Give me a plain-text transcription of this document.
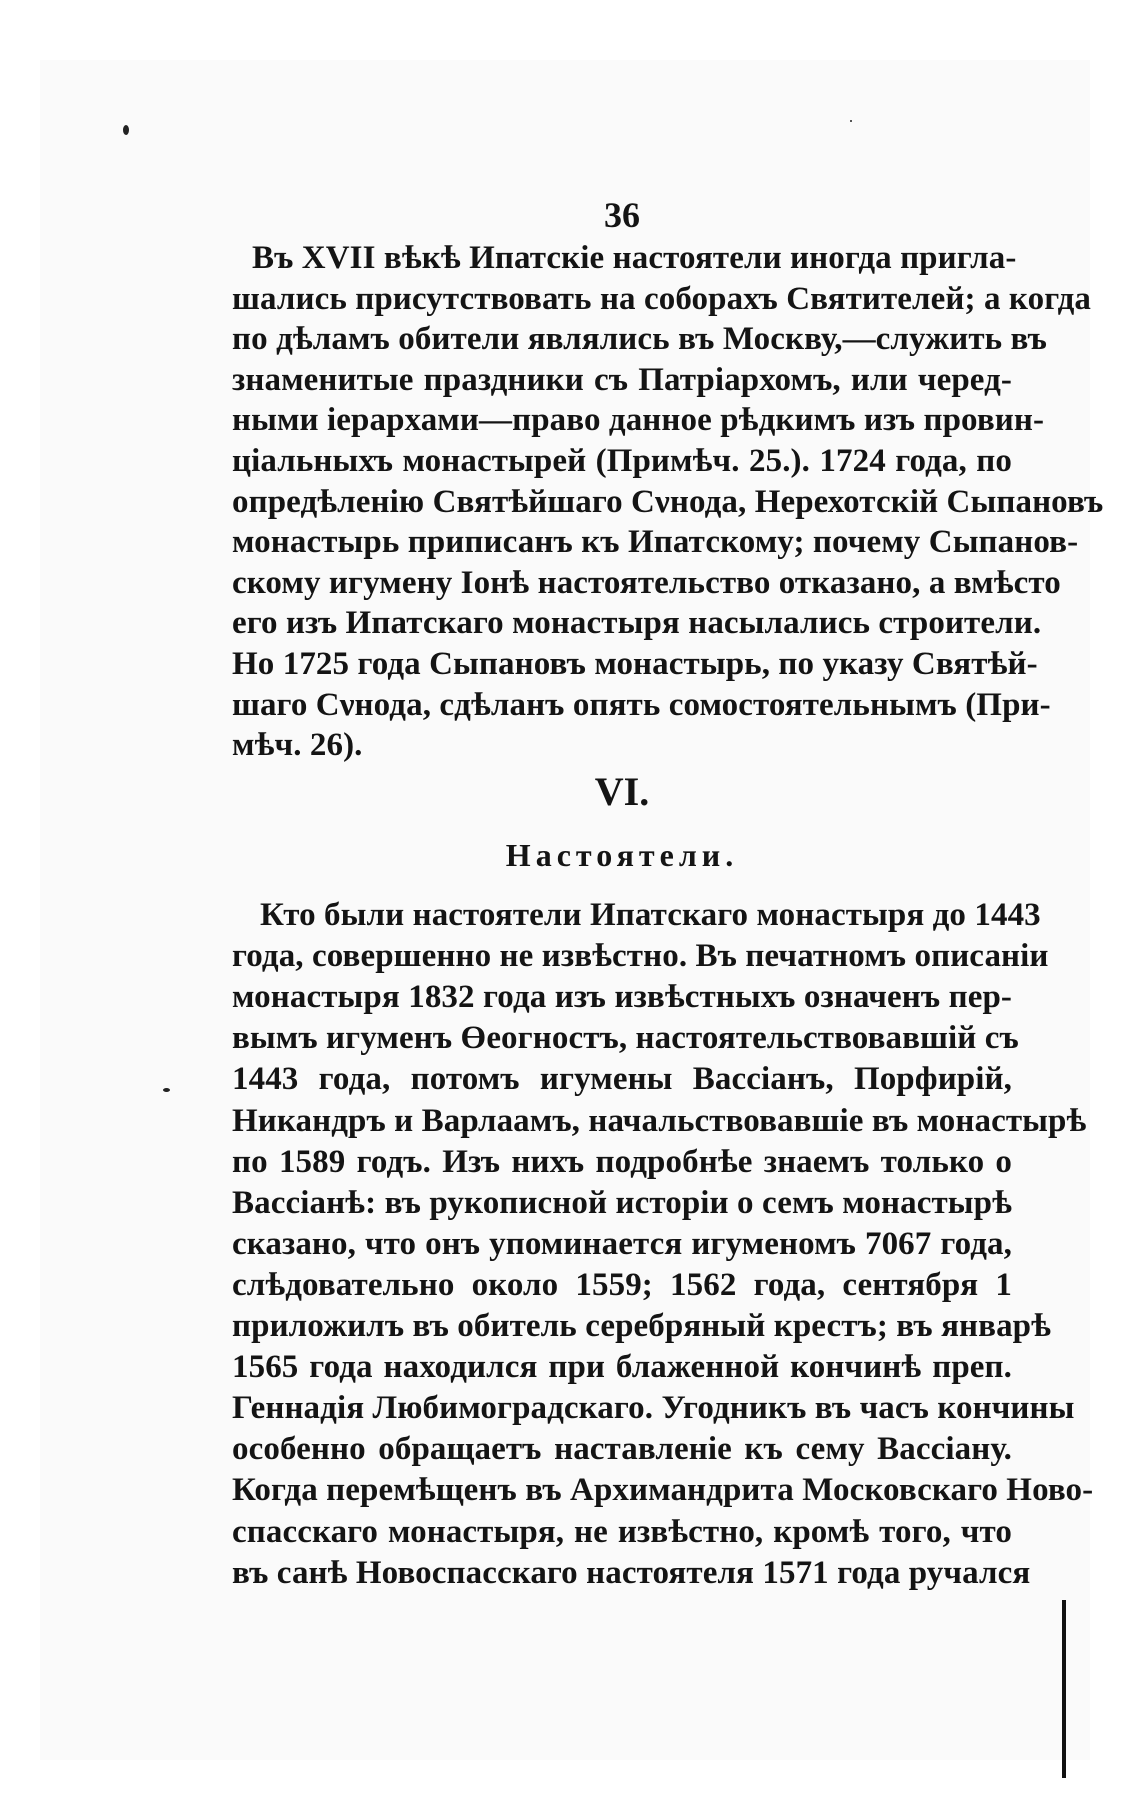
36
Въ XVII вѣкѣ Ипатскіе настоятели иногда пригла-
шались присутствовать на соборахъ Святителей; а когда
по дѣламъ обители являлись въ Москву,—служить въ
знаменитые праздники съ Патріархомъ, или черед-
ными іерархами—право данное рѣдкимъ изъ провин-
ціальныхъ монастырей (Примѣч. 25.). 1724 года, по
опредѣленію Святѣйшаго Сνнода, Нерехотскій Сыпановъ
монастырь приписанъ къ Ипатскому; почему Сыпанов-
скому игумену Іонѣ настоятельство отказано, а вмѣсто
его изъ Ипатскаго монастыря насылались строители.
Но 1725 года Сыпановъ монастырь, по указу Святѣй-
шаго Сνнода, сдѣланъ опять сомостоятельнымъ (При-
мѣч. 26).
VI.
Настоятели.
Кто были настоятели Ипатскаго монастыря до 1443
года, совершенно не извѣстно. Въ печатномъ описаніи
монастыря 1832 года изъ извѣстныхъ означенъ пер-
вымъ игуменъ Өеогностъ, настоятельствовавшій съ
1443 года, потомъ игумены Вассіанъ, Порфирій,
Никандръ и Варлаамъ, начальствовавшіе въ монастырѣ
по 1589 годъ. Изъ нихъ подробнѣе знаемъ только о
Вассіанѣ: въ рукописной исторіи о семъ монастырѣ
сказано, что онъ упоминается игуменомъ 7067 года,
слѣдовательно около 1559; 1562 года, сентября 1
приложилъ въ обитель серебряный крестъ; въ январѣ
1565 года находился при блаженной кончинѣ преп.
Геннадія Любимоградскаго. Угодникъ въ часъ кончины
особенно обращаетъ наставленіе къ сему Вассіану.
Когда перемѣщенъ въ Архимандрита Московскаго Ново-
спасскаго монастыря, не извѣстно, кромѣ того, что
въ санѣ Новоспасскаго настоятеля 1571 года ручался
